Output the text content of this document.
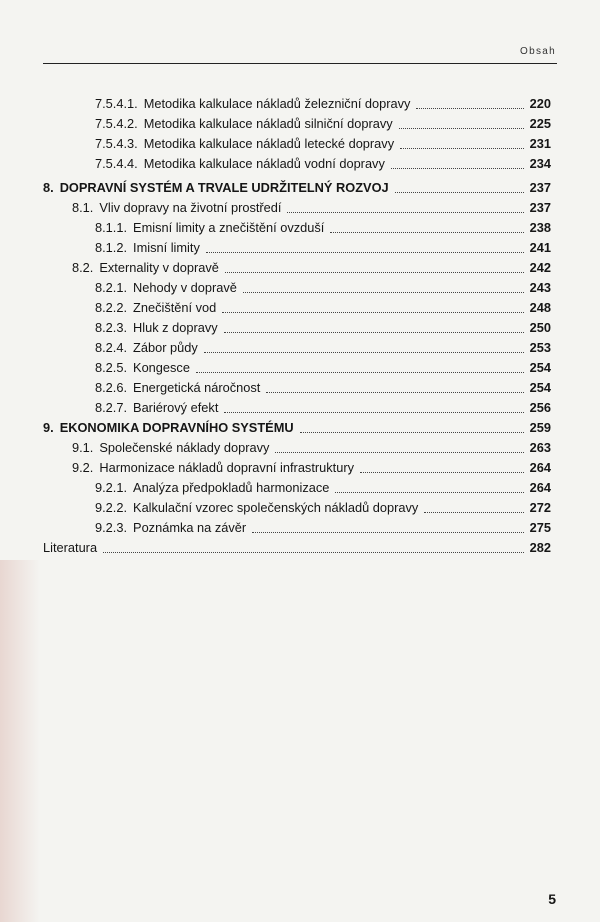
Obsah
7.5.4.1. Metodika kalkulace nákladů železniční dopravy	220
7.5.4.2. Metodika kalkulace nákladů silniční dopravy	225
7.5.4.3. Metodika kalkulace nákladů letecké dopravy	231
7.5.4.4. Metodika kalkulace nákladů vodní dopravy	234
8. DOPRAVNÍ SYSTÉM A TRVALE UDRŽITELNÝ ROZVOJ	237
8.1. Vliv dopravy na životní prostředí	237
8.1.1. Emisní limity a znečištění ovzduší	238
8.1.2. Imisní limity	241
8.2. Externality v dopravě	242
8.2.1. Nehody v dopravě	243
8.2.2. Znečištění vod	248
8.2.3. Hluk z dopravy	250
8.2.4. Zábor půdy	253
8.2.5. Kongesce	254
8.2.6. Energetická náročnost	254
8.2.7. Bariérový efekt	256
9. EKONOMIKA DOPRAVNÍHO SYSTÉMU	259
9.1. Společenské náklady dopravy	263
9.2. Harmonizace nákladů dopravní infrastruktury	264
9.2.1. Analýza předpokladů harmonizace	264
9.2.2. Kalkulační vzorec společenských nákladů dopravy	272
9.2.3. Poznámka na závěr	275
Literatura	282
5
